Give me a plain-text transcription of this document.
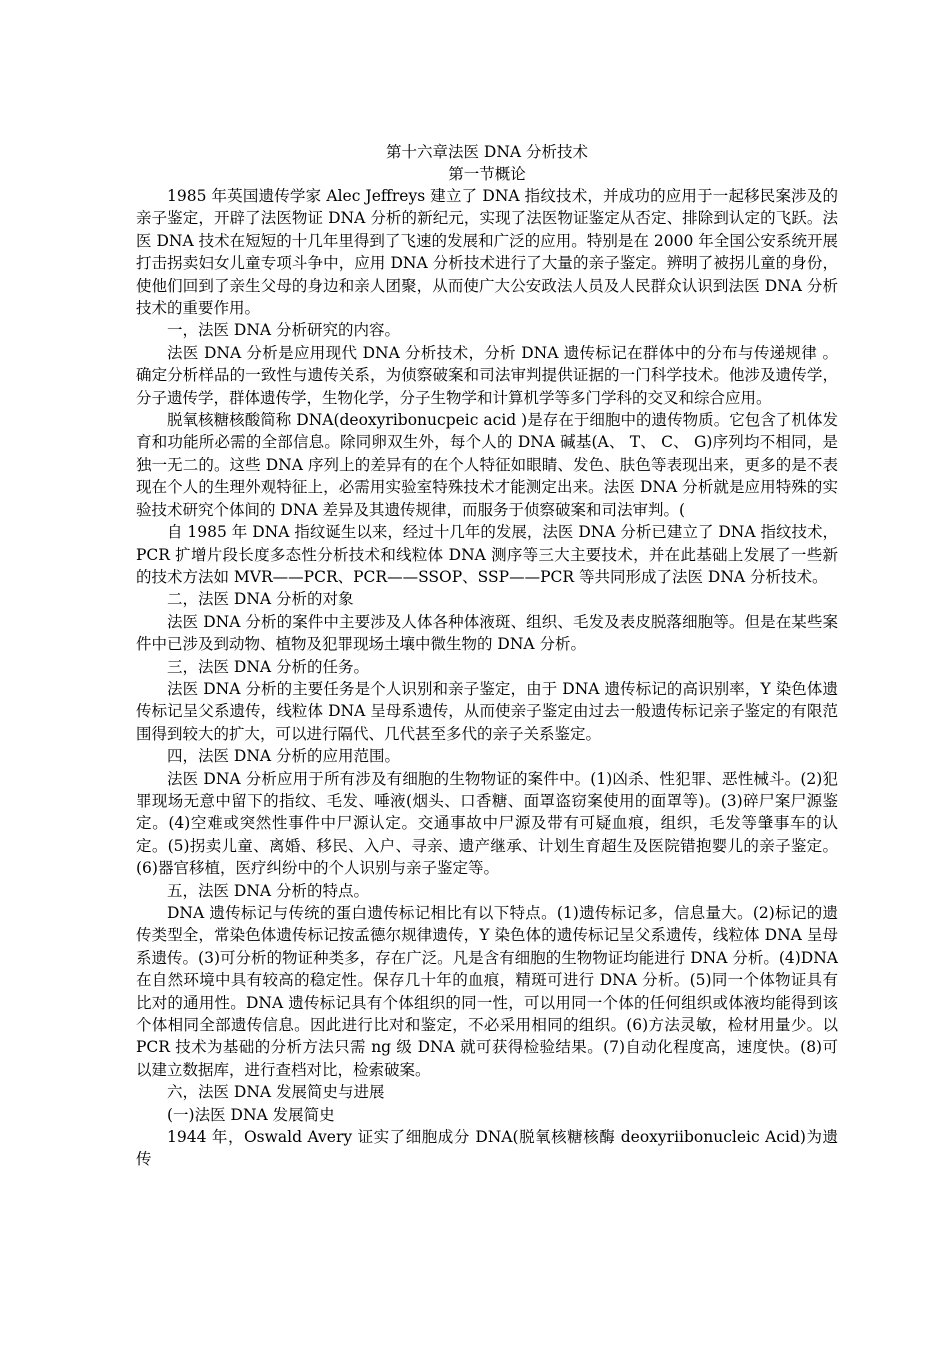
第十六章法医 DNA 分析技术

第一节概论

1985 年英国遗传学家 Alec Jeffreys 建立了 DNA 指纹技术，并成功的应用于一起移民案涉及的亲子鉴定，开辟了法医物证 DNA 分析的新纪元，实现了法医物证鉴定从否定、排除到认定的飞跃。法医 DNA 技术在短短的十几年里得到了飞速的发展和广泛的应用。特别是在 2000 年全国公安系统开展打击拐卖妇女儿童专项斗争中，应用 DNA 分析技术进行了大量的亲子鉴定。辨明了被拐儿童的身份，使他们回到了亲生父母的身边和亲人团聚，从而使广大公安政法人员及人民群众认识到法医 DNA 分析技术的重要作用。

一，法医 DNA 分析研究的内容。

法医 DNA 分析是应用现代 DNA 分析技术，分析 DNA 遗传标记在群体中的分布与传递规律 。确定分析样品的一致性与遗传关系，为侦察破案和司法审判提供证据的一门科学技术。他涉及遗传学，分子遗传学，群体遗传学，生物化学，分子生物学和计算机学等多门学科的交叉和综合应用。

脱氧核糖核酸简称 DNA(deoxyribonucpeic acid )是存在于细胞中的遗传物质。它包含了机体发育和功能所必需的全部信息。除同卵双生外，每个人的 DNA 碱基(A、 T、 C、 G)序列均不相同，是独一无二的。这些 DNA 序列上的差异有的在个人特征如眼睛、发色、肤色等表现出来，更多的是不表现在个人的生理外观特征上，必需用实验室特殊技术才能测定出来。法医 DNA 分析就是应用特殊的实验技术研究个体间的 DNA 差异及其遗传规律，而服务于侦察破案和司法审判。(

自 1985 年 DNA 指纹诞生以来，经过十几年的发展，法医 DNA 分析已建立了 DNA 指纹技术，PCR 扩增片段长度多态性分析技术和线粒体 DNA 测序等三大主要技术，并在此基础上发展了一些新的技术方法如 MVR——PCR、PCR——SSOP、SSP——PCR 等共同形成了法医 DNA 分析技术。

二，法医 DNA 分析的对象

法医 DNA 分析的案件中主要涉及人体各种体液斑、组织、毛发及表皮脱落细胞等。但是在某些案件中已涉及到动物、植物及犯罪现场土壤中微生物的 DNA 分析。

三，法医 DNA 分析的任务。

法医 DNA 分析的主要任务是个人识别和亲子鉴定，由于 DNA 遗传标记的高识别率，Y 染色体遗传标记呈父系遗传，线粒体 DNA 呈母系遗传，从而使亲子鉴定由过去一般遗传标记亲子鉴定的有限范围得到较大的扩大，可以进行隔代、几代甚至多代的亲子关系鉴定。

四，法医 DNA 分析的应用范围。

法医 DNA 分析应用于所有涉及有细胞的生物物证的案件中。(1)凶杀、性犯罪、恶性械斗。(2)犯罪现场无意中留下的指纹、毛发、唾液(烟头、口香糖、面罩盗窃案使用的面罩等)。(3)碎尸案尸源鉴定。(4)空难或突然性事件中尸源认定。交通事故中尸源及带有可疑血痕，组织，毛发等肇事车的认定。(5)拐卖儿童、离婚、移民、入户、寻亲、遗产继承、计划生育超生及医院错抱婴儿的亲子鉴定。(6)器官移植，医疗纠纷中的个人识别与亲子鉴定等。

五，法医 DNA 分析的特点。

DNA 遗传标记与传统的蛋白遗传标记相比有以下特点。(1)遗传标记多，信息量大。(2)标记的遗传类型全，常染色体遗传标记按孟德尔规律遗传，Y 染色体的遗传标记呈父系遗传，线粒体 DNA 呈母系遗传。(3)可分析的物证种类多，存在广泛。凡是含有细胞的生物物证均能进行 DNA 分析。(4)DNA 在自然环境中具有较高的稳定性。保存几十年的血痕，精斑可进行 DNA 分析。(5)同一个体物证具有比对的通用性。DNA 遗传标记具有个体组织的同一性，可以用同一个体的任何组织或体液均能得到该个体相同全部遗传信息。因此进行比对和鉴定，不必采用相同的组织。(6)方法灵敏，检材用量少。以 PCR 技术为基础的分析方法只需 ng 级 DNA 就可获得检验结果。(7)自动化程度高，速度快。(8)可以建立数据库，进行查档对比，检索破案。

六，法医 DNA 发展简史与进展

(一)法医 DNA 发展简史

1944 年，Oswald Avery 证实了细胞成分 DNA(脱氧核糖核酶 deoxyriibonucleic Acid)为遗传
